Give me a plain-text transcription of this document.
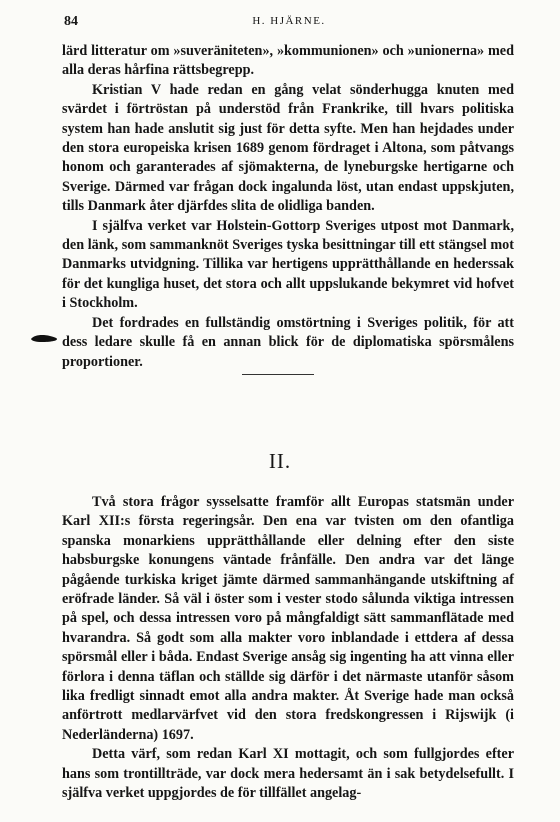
84	H. HJÄRNE.

lärd litteratur om »suveräniteten», »kommunionen» och »unionerna» med alla deras hårfina rättsbegrepp.

Kristian V hade redan en gång velat sönderhugga knuten med svärdet i förtröstan på understöd från Frankrike, till hvars politiska system han hade anslutit sig just för detta syfte. Men han hejdades under den stora europeiska krisen 1689 genom fördraget i Altona, som påtvangs honom och garanterades af sjömakterna, de lyneburgske hertigarne och Sverige. Därmed var frågan dock ingalunda löst, utan endast uppskjuten, tills Danmark åter djärfdes slita de olidliga banden.

I själfva verket var Holstein-Gottorp Sveriges utpost mot Danmark, den länk, som sammanknöt Sveriges tyska besittningar till ett stängsel mot Danmarks utvidgning. Tillika var hertigens upprätthållande en hederssak för det kungliga huset, det stora och allt uppslukande bekymret vid hofvet i Stockholm.

Det fordrades en fullständig omstörtning i Sveriges politik, för att dess ledare skulle få en annan blick för de diplomatiska spörsmålens proportioner.

II.

Två stora frågor sysselsatte framför allt Europas statsmän under Karl XII:s första regeringsår. Den ena var tvisten om den ofantliga spanska monarkiens upprätthållande eller delning efter den siste habsburgske konungens väntade frånfälle. Den andra var det länge pågående turkiska kriget jämte därmed sammanhängande utskiftning af eröfrade länder. Så väl i öster som i vester stodo sålunda viktiga intressen på spel, och dessa intressen voro på mångfaldigt sätt sammanflätade med hvarandra. Så godt som alla makter voro inblandade i ettdera af dessa spörsmål eller i båda. Endast Sverige ansåg sig ingenting ha att vinna eller förlora i denna täflan och ställde sig därför i det närmaste utanför såsom lika fredligt sinnadt emot alla andra makter. Åt Sverige hade man också anförtrott medlarvärfvet vid den stora fredskongressen i Rijswijk (i Nederländerna) 1697.

Detta värf, som redan Karl XI mottagit, och som fullgjordes efter hans som trontillträde, var dock mera hedersamt än i sak betydelsefullt. I själfva verket uppgjordes de för tillfället angelag-
